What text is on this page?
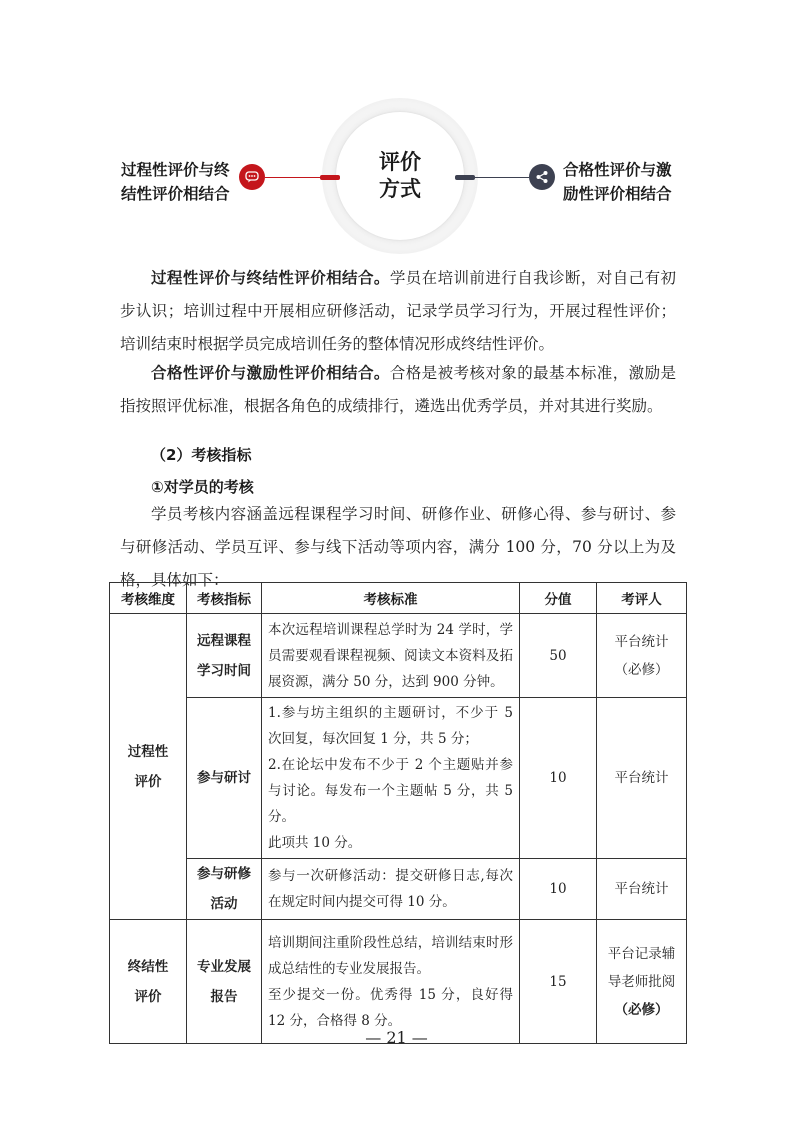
评价方式
过程性评价与终结性评价相结合
合格性评价与激励性评价相结合

过程性评价与终结性评价相结合。学员在培训前进行自我诊断，对自己有初步认识；培训过程中开展相应研修活动，记录学员学习行为，开展过程性评价；培训结束时根据学员完成培训任务的整体情况形成终结性评价。

合格性评价与激励性评价相结合。合格是被考核对象的最基本标准，激励是指按照评优标准，根据各角色的成绩排行，遴选出优秀学员，并对其进行奖励。

（2）考核指标
①对学员的考核

学员考核内容涵盖远程课程学习时间、研修作业、研修心得、参与研讨、参与研修活动、学员互评、参与线下活动等项内容，满分 100 分，70 分以上为及格，具体如下：

考核维度	考核指标	考核标准	分值	考评人

过程性评价	远程课程学习时间	本次远程培训课程总学时为 24 学时，学员需要观看课程视频、阅读文本资料及拓展资源，满分 50 分，达到 900 分钟。	50	平台统计（必修）

	参与研讨	1.参与坊主组织的主题研讨，不少于 5 次回复，每次回复 1 分，共 5 分；
2.在论坛中发布不少于 2 个主题贴并参与讨论。每发布一个主题帖 5 分，共 5 分。
此项共 10 分。	10	平台统计

	参与研修活动	参与一次研修活动：提交研修日志,每次在规定时间内提交可得 10 分。	10	平台统计

终结性评价	专业发展报告	培训期间注重阶段性总结，培训结束时形成总结性的专业发展报告。
至少提交一份。优秀得 15 分，良好得 12 分，合格得 8 分。	15	平台记录辅导老师批阅
（必修）
— 21 —
